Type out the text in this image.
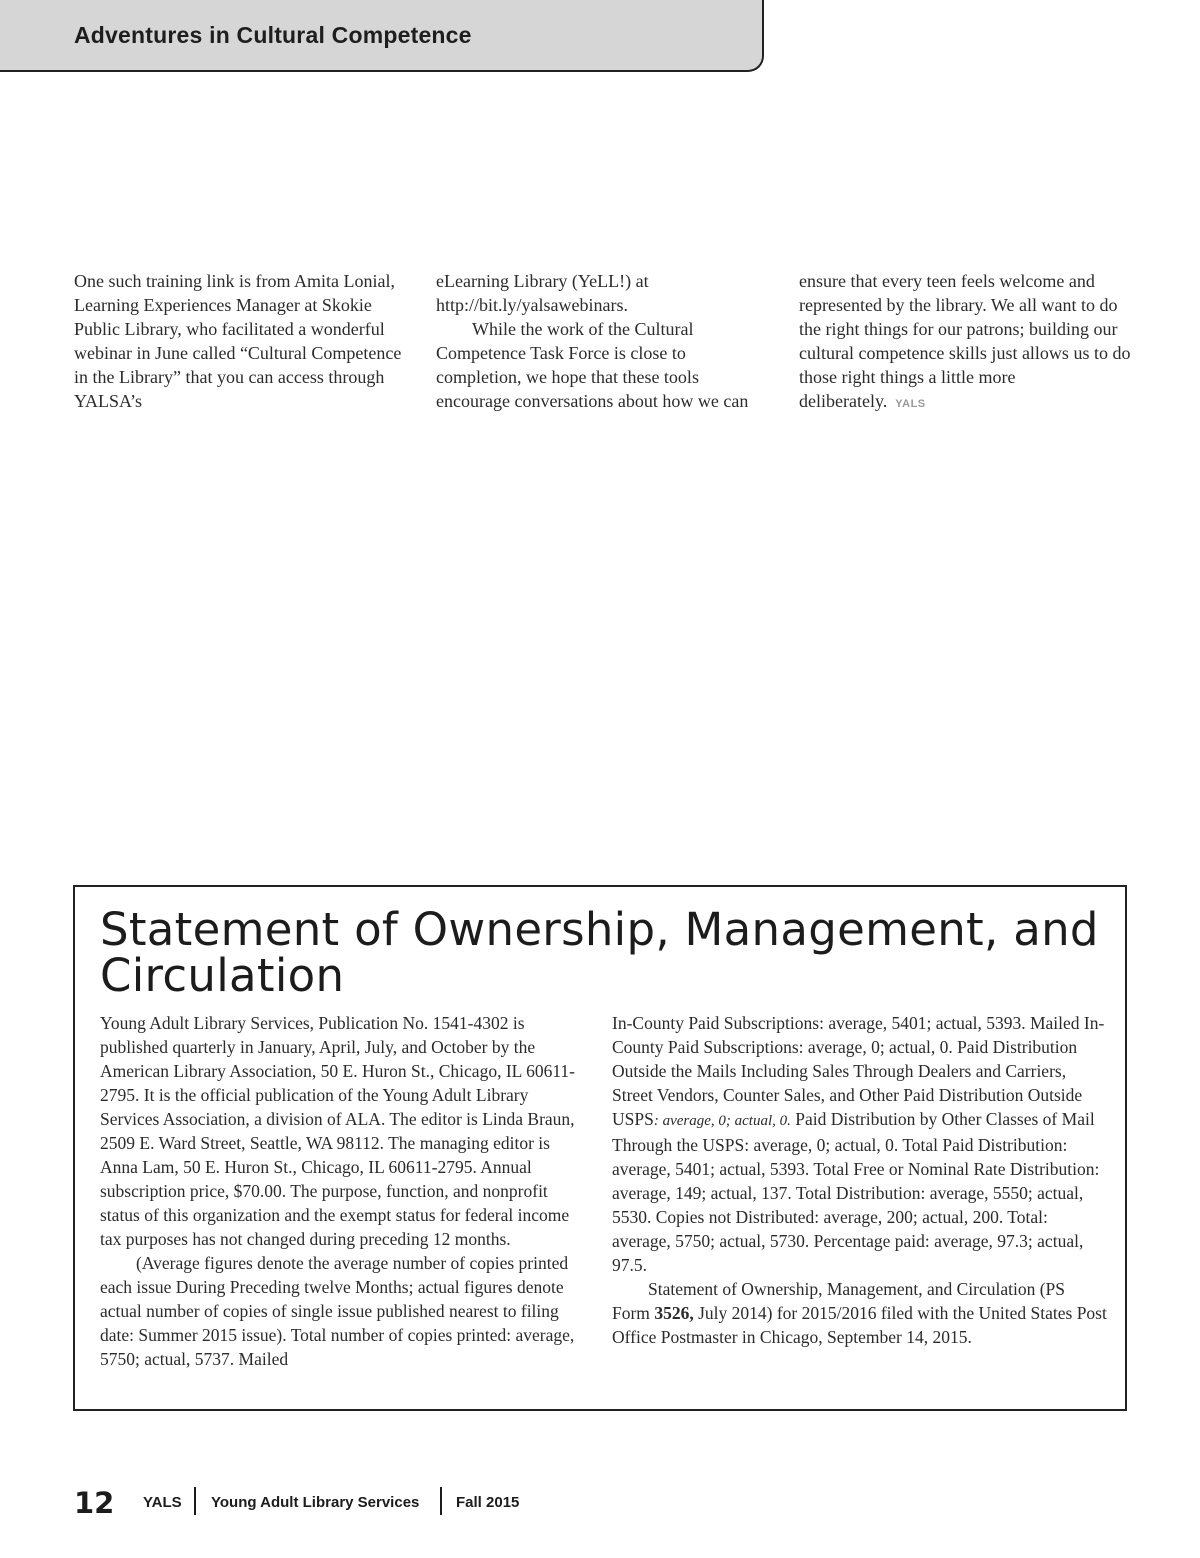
Adventures in Cultural Competence

One such training link is from Amita Lonial, Learning Experiences Manager at Skokie Public Library, who facilitated a wonderful webinar in June called “Cultural Competence in the Library” that you can access through YALSA’s

eLearning Library (YeLL!) at http://bit.ly/yalsawebinars.

While the work of the Cultural Competence Task Force is close to completion, we hope that these tools encourage conversations about how we can

ensure that every teen feels welcome and represented by the library. We all want to do the right things for our patrons; building our cultural competence skills just allows us to do those right things a little more deliberately. YALS

Statement of Ownership, Management, and Circulation

Young Adult Library Services, Publication No. 1541-4302 is published quarterly in January, April, July, and October by the American Library Association, 50 E. Huron St., Chicago, IL 60611-2795. It is the official publication of the Young Adult Library Services Association, a division of ALA. The editor is Linda Braun, 2509 E. Ward Street, Seattle, WA 98112. The managing editor is Anna Lam, 50 E. Huron St., Chicago, IL 60611-2795. Annual subscription price, $70.00. The purpose, function, and nonprofit status of this organization and the exempt status for federal income tax purposes has not changed during preceding 12 months.

(Average figures denote the average number of copies printed each issue During Preceding twelve Months; actual figures denote actual number of copies of single issue published nearest to filing date: Summer 2015 issue). Total number of copies printed: average, 5750; actual, 5737. Mailed

In-County Paid Subscriptions: average, 5401; actual, 5393. Mailed In-County Paid Subscriptions: average, 0; actual, 0. Paid Distribution Outside the Mails Including Sales Through Dealers and Carriers, Street Vendors, Counter Sales, and Other Paid Distribution Outside USPS: average, 0; actual, 0. Paid Distribution by Other Classes of Mail Through the USPS: average, 0; actual, 0. Total Paid Distribution: average, 5401; actual, 5393. Total Free or Nominal Rate Distribution: average, 149; actual, 137. Total Distribution: average, 5550; actual, 5530. Copies not Distributed: average, 200; actual, 200. Total: average, 5750; actual, 5730. Percentage paid: average, 97.3; actual, 97.5.

Statement of Ownership, Management, and Circulation (PS Form 3526, July 2014) for 2015/2016 filed with the United States Post Office Postmaster in Chicago, September 14, 2015.

12 YALS Young Adult Library Services Fall 2015
